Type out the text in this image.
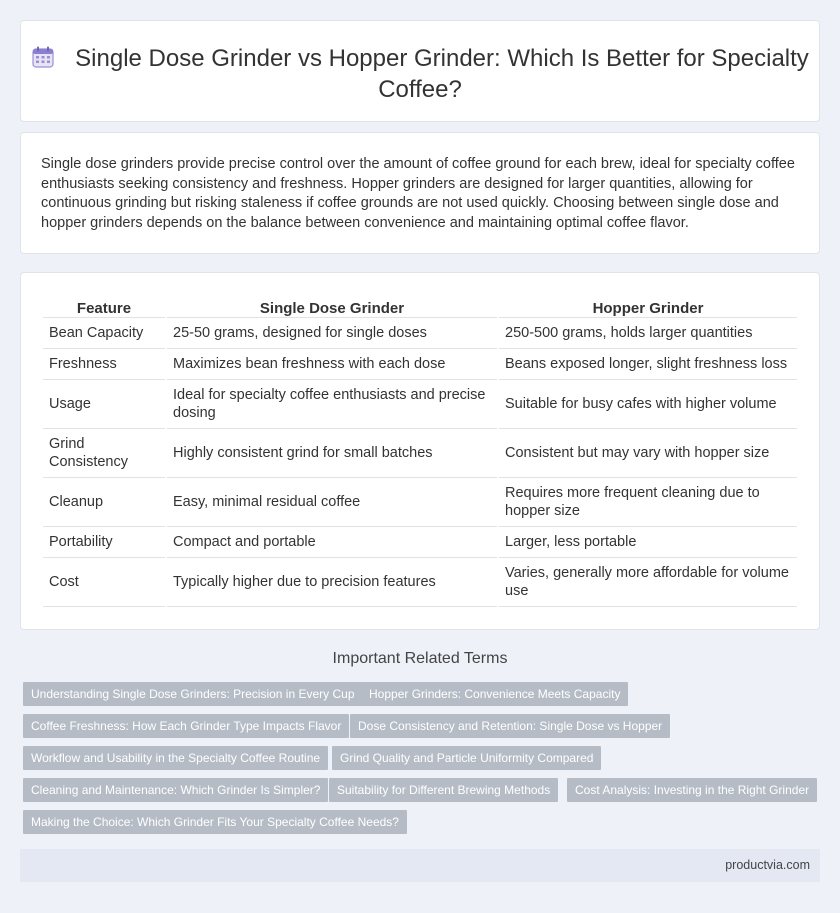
Single Dose Grinder vs Hopper Grinder: Which Is Better for Specialty Coffee?
Single dose grinders provide precise control over the amount of coffee ground for each brew, ideal for specialty coffee enthusiasts seeking consistency and freshness. Hopper grinders are designed for larger quantities, allowing for continuous grinding but risking staleness if coffee grounds are not used quickly. Choosing between single dose and hopper grinders depends on the balance between convenience and maintaining optimal coffee flavor.
Feature	Single Dose Grinder	Hopper Grinder
Bean Capacity	25-50 grams, designed for single doses	250-500 grams, holds larger quantities
Freshness	Maximizes bean freshness with each dose	Beans exposed longer, slight freshness loss
Usage	Ideal for specialty coffee enthusiasts and precise dosing	Suitable for busy cafes with higher volume
Grind Consistency	Highly consistent grind for small batches	Consistent but may vary with hopper size
Cleanup	Easy, minimal residual coffee	Requires more frequent cleaning due to hopper size
Portability	Compact and portable	Larger, less portable
Cost	Typically higher due to precision features	Varies, generally more affordable for volume use
Important Related Terms
Understanding Single Dose Grinders: Precision in Every Cup	Hopper Grinders: Convenience Meets Capacity
Coffee Freshness: How Each Grinder Type Impacts Flavor	Dose Consistency and Retention: Single Dose vs Hopper
Workflow and Usability in the Specialty Coffee Routine	Grind Quality and Particle Uniformity Compared
Cleaning and Maintenance: Which Grinder Is Simpler?	Suitability for Different Brewing Methods	Cost Analysis: Investing in the Right Grinder
Making the Choice: Which Grinder Fits Your Specialty Coffee Needs?
productvia.com
